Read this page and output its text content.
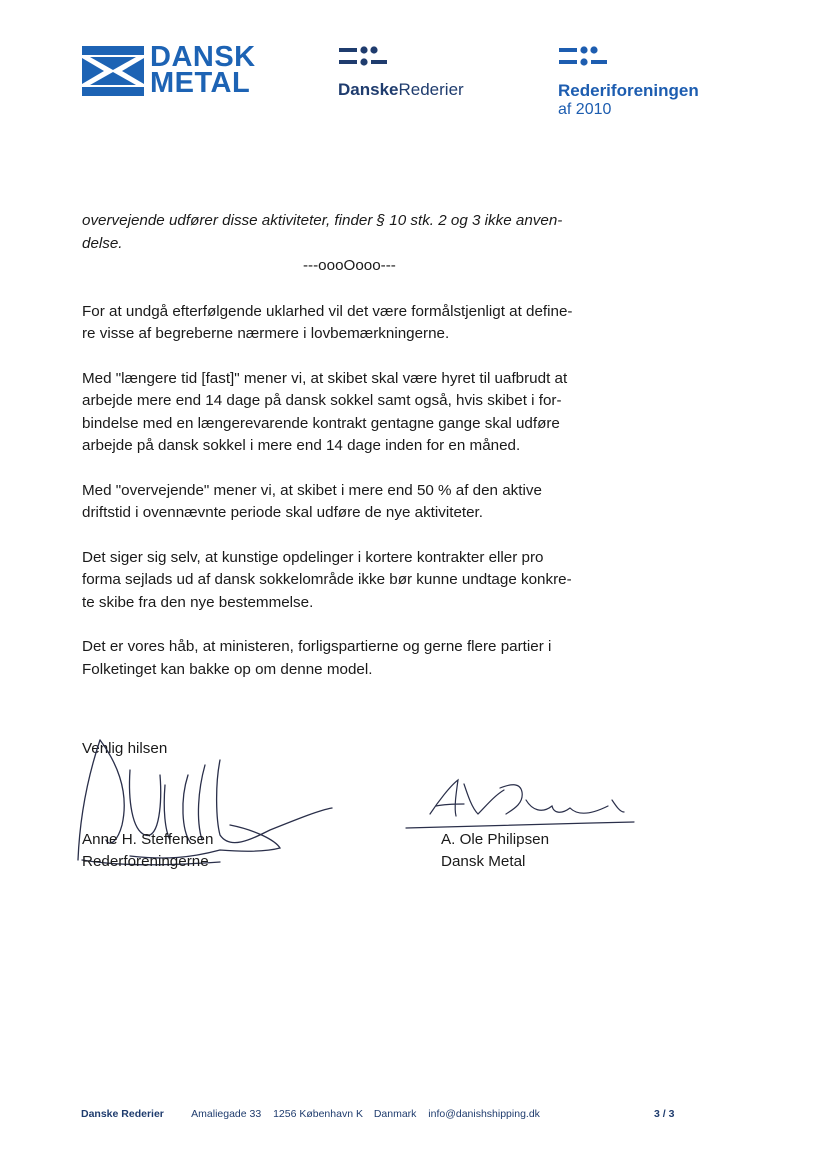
DANSK
METAL	DanskeRederier	Rederiforeningen
af 2010

overvejende udfører disse aktiviteter, finder § 10 stk. 2 og 3 ikke anven-
delse.

---oooOooo---

For at undgå efterfølgende uklarhed vil det være formålstjenligt at define-
re visse af begreberne nærmere i lovbemærkningerne.

Med "længere tid [fast]" mener vi, at skibet skal være hyret til uafbrudt at
arbejde mere end 14 dage på dansk sokkel samt også, hvis skibet i for-
bindelse med en længerevarende kontrakt gentagne gange skal udføre
arbejde på dansk sokkel i mere end 14 dage inden for en måned.

Med "overvejende" mener vi, at skibet i mere end 50 % af den aktive
driftstid i ovennævnte periode skal udføre de nye aktiviteter.

Det siger sig selv, at kunstige opdelinger i kortere kontrakter eller pro
forma sejlads ud af dansk sokkelområde ikke bør kunne undtage konkre-
te skibe fra den nye bestemmelse.

Det er vores håb, at ministeren, forligspartierne og gerne flere partier i
Folketinget kan bakke op om denne model.

Venlig hilsen
Anne H. Steffensen
Rederforeningerne
A. Ole Philipsen
Dansk Metal
Danske Rederier	Amaliegade 33 1256 København K Danmark info@danishshipping.dk	3 / 3
